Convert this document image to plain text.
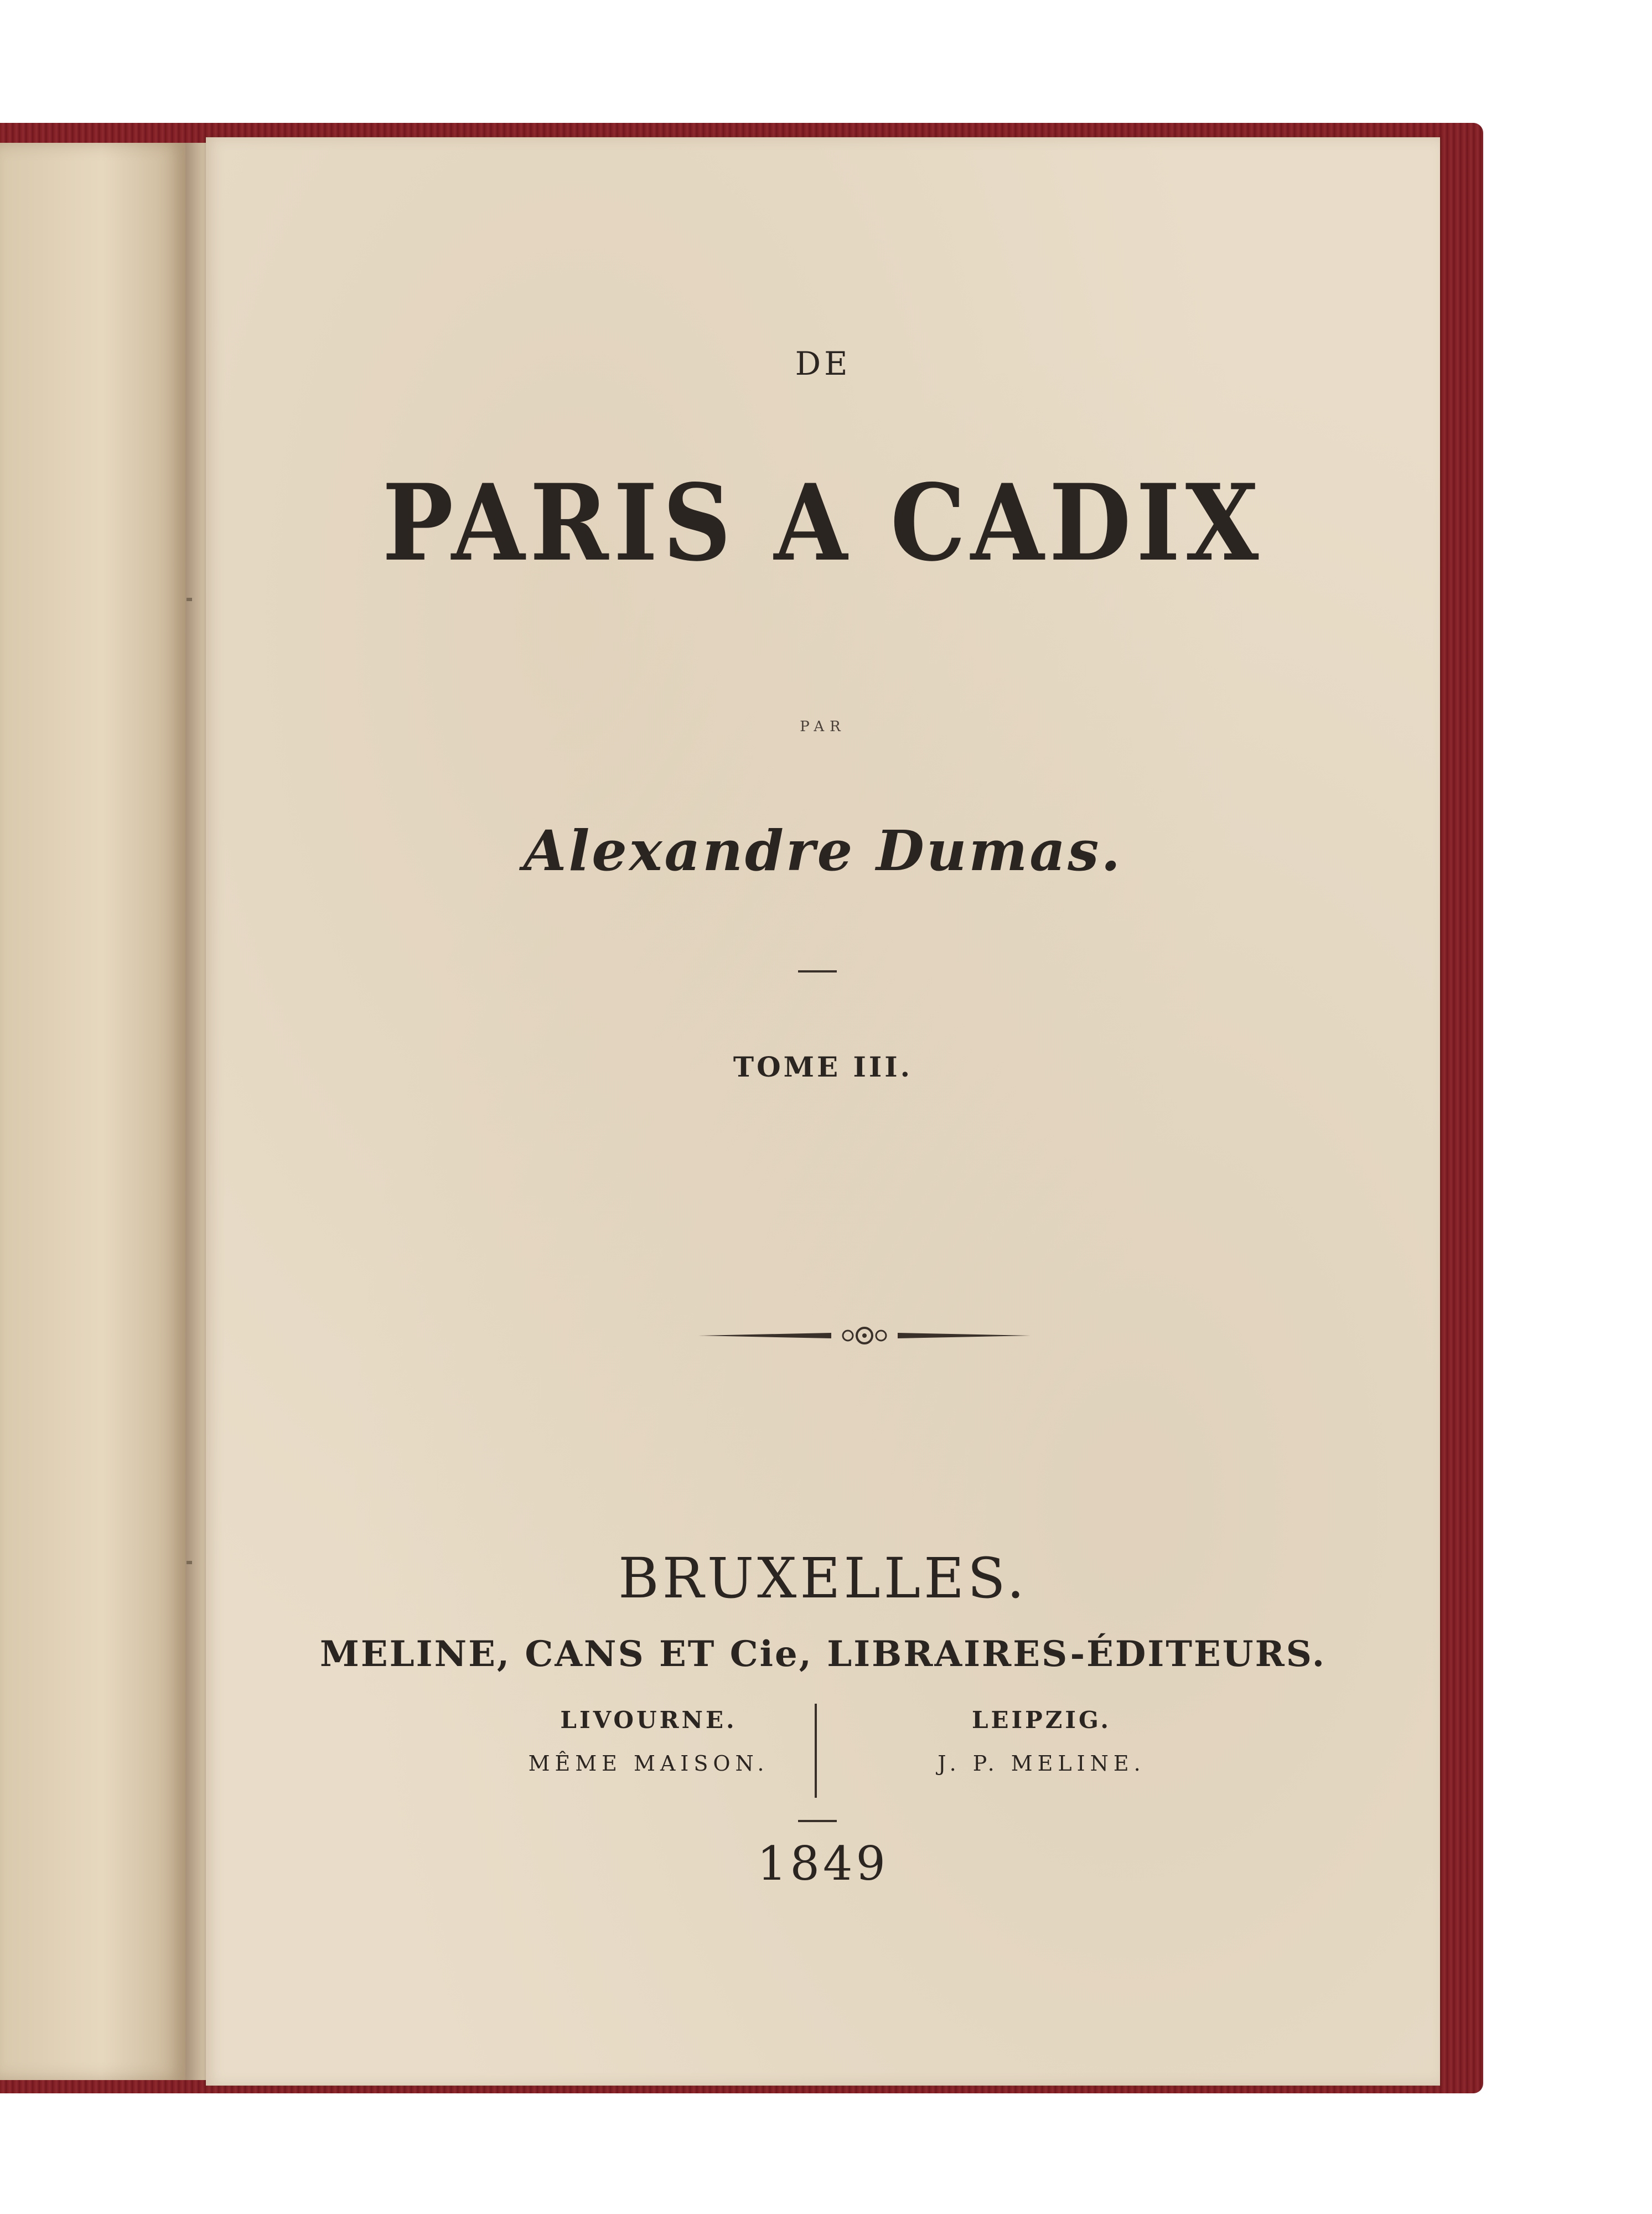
DE
PARIS A CADIX
PAR
Alexandre Dumas.
TOME III.
BRUXELLES.
MELINE, CANS ET Cie, LIBRAIRES-ÉDITEURS.
LIVOURNE.
MÊME MAISON.
LEIPZIG.
J. P. MELINE.
1849
